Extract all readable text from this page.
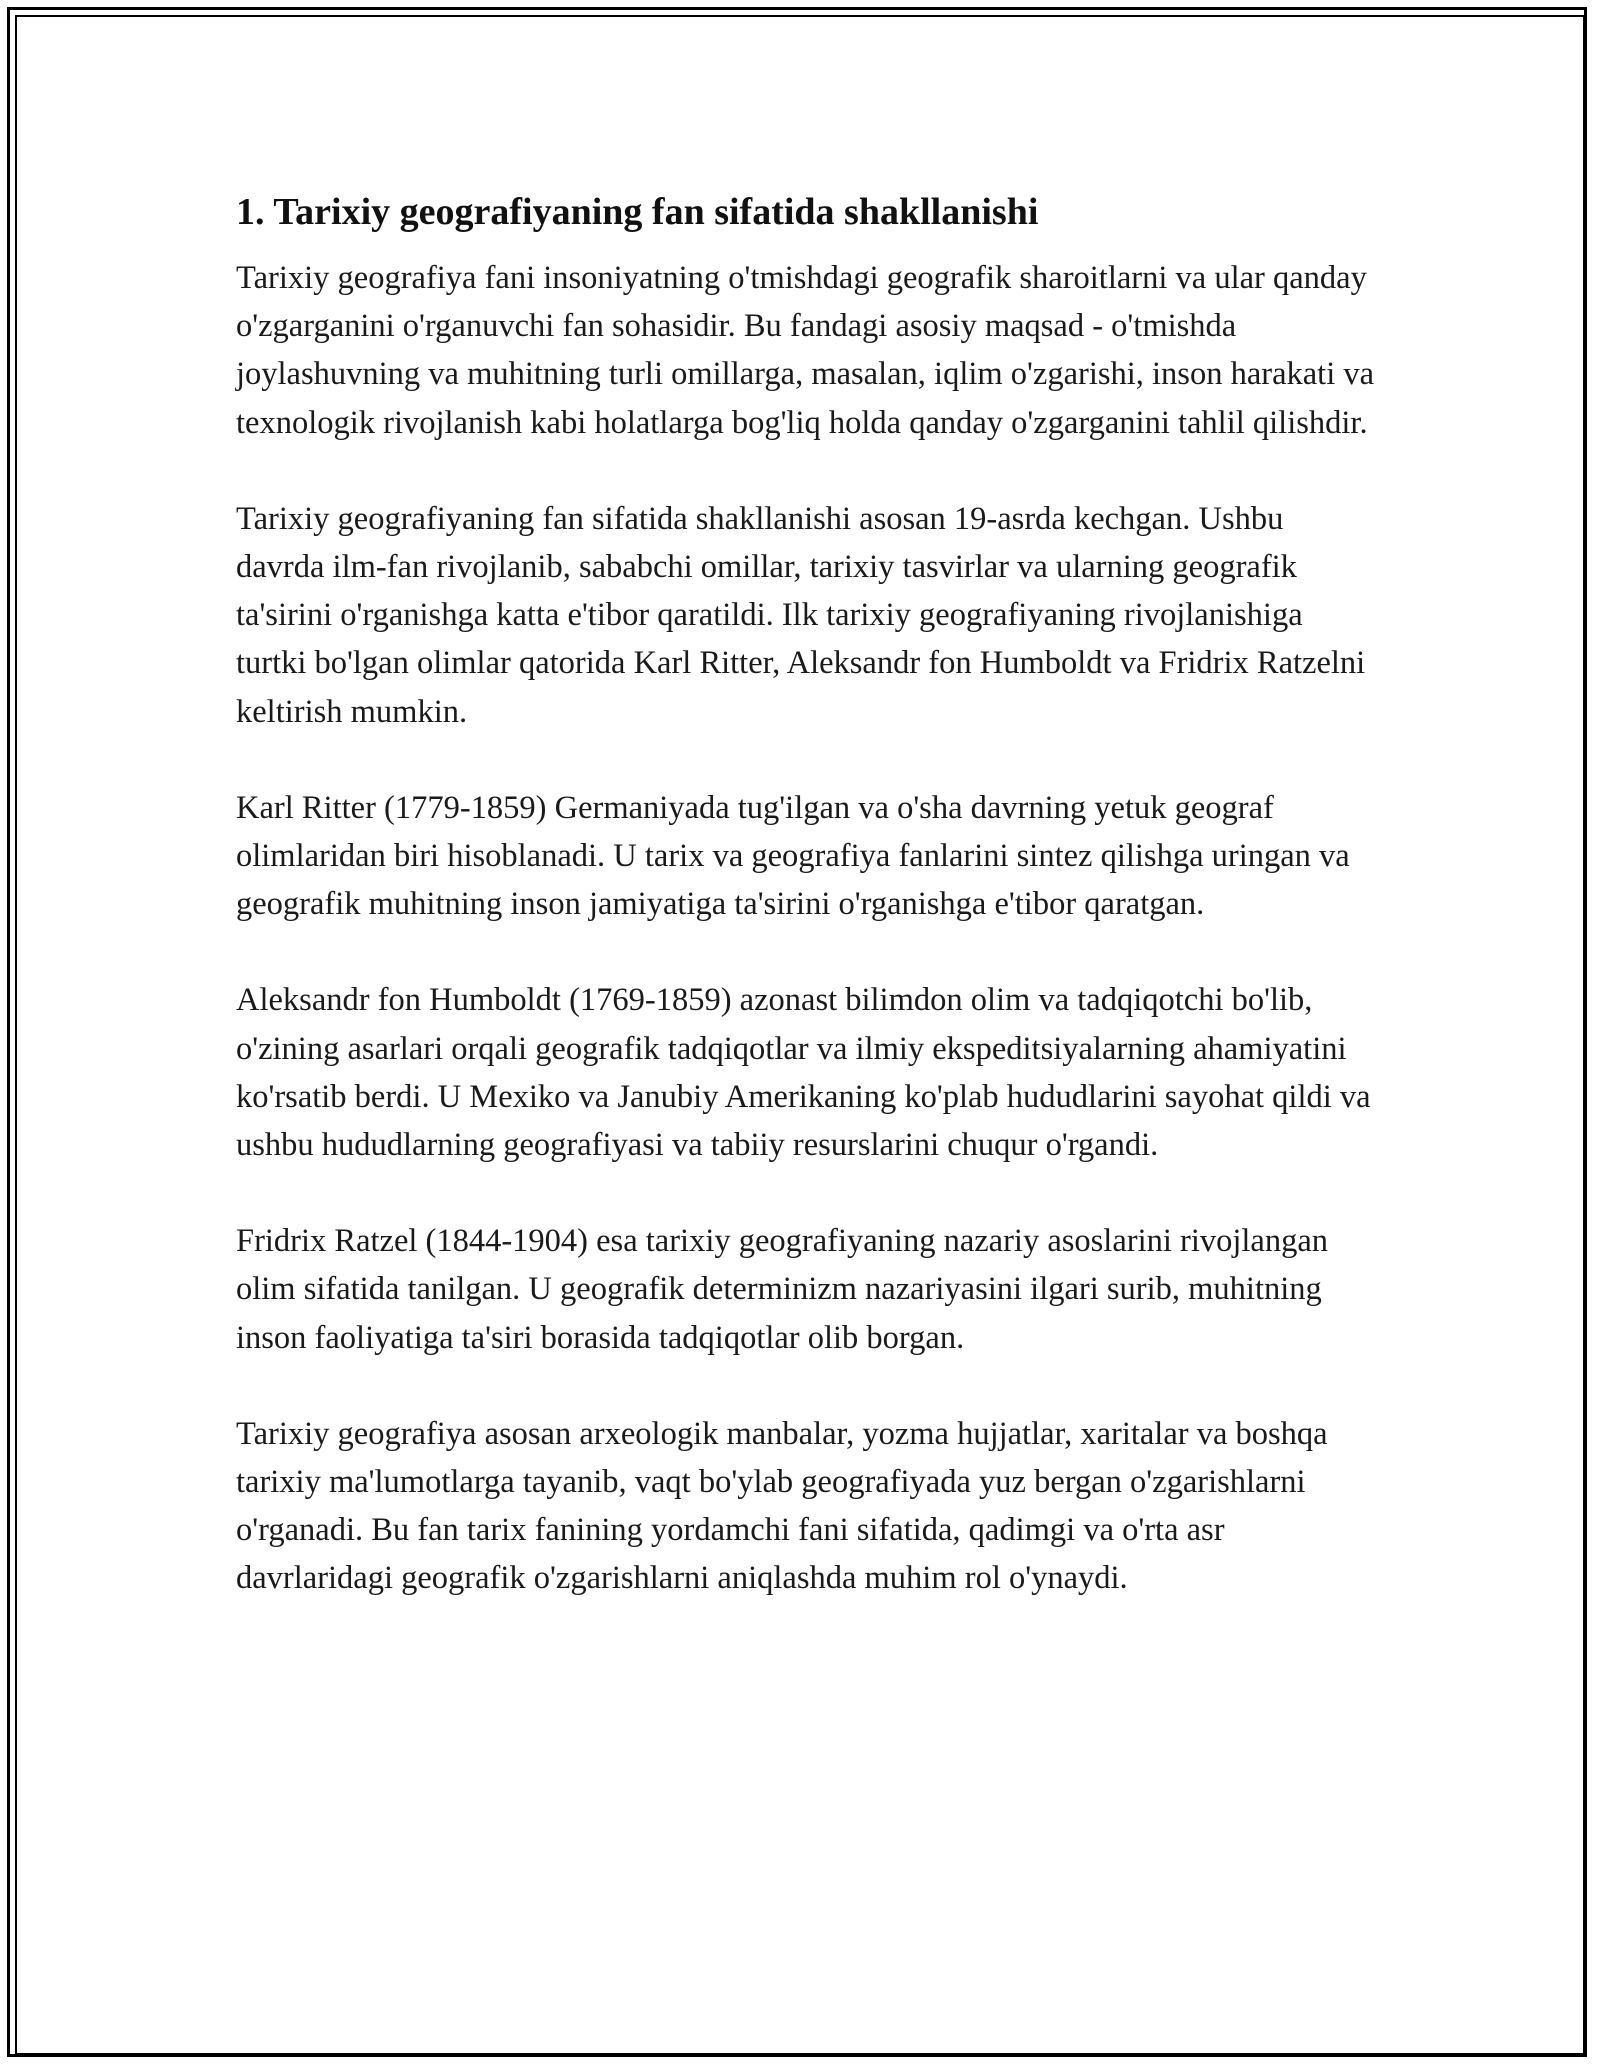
1. Tarixiy geografiyaning fan sifatida shakllanishi

Tarixiy geografiya fani insoniyatning o'tmishdagi geografik sharoitlarni va ular qanday o'zgarganini o'rganuvchi fan sohasidir. Bu fandagi asosiy maqsad - o'tmishda joylashuvning va muhitning turli omillarga, masalan, iqlim o'zgarishi, inson harakati va texnologik rivojlanish kabi holatlarga bog'liq holda qanday o'zgarganini tahlil qilishdir.

Tarixiy geografiyaning fan sifatida shakllanishi asosan 19-asrda kechgan. Ushbu davrda ilm-fan rivojlanib, sababchi omillar, tarixiy tasvirlar va ularning geografik ta'sirini o'rganishga katta e'tibor qaratildi. Ilk tarixiy geografiyaning rivojlanishiga turtki bo'lgan olimlar qatorida Karl Ritter, Aleksandr fon Humboldt va Fridrix Ratzelni keltirish mumkin.

Karl Ritter (1779-1859) Germaniyada tug'ilgan va o'sha davrning yetuk geograf olimlaridan biri hisoblanadi. U tarix va geografiya fanlarini sintez qilishga uringan va geografik muhitning inson jamiyatiga ta'sirini o'rganishga e'tibor qaratgan.

Aleksandr fon Humboldt (1769-1859) azonast bilimdon olim va tadqiqotchi bo'lib, o'zining asarlari orqali geografik tadqiqotlar va ilmiy ekspeditsiyalarning ahamiyatini ko'rsatib berdi. U Mexiko va Janubiy Amerikaning ko'plab hududlarini sayohat qildi va ushbu hududlarning geografiyasi va tabiiy resurslarini chuqur o'rgandi.

Fridrix Ratzel (1844-1904) esa tarixiy geografiyaning nazariy asoslarini rivojlangan olim sifatida tanilgan. U geografik determinizm nazariyasini ilgari surib, muhitning inson faoliyatiga ta'siri borasida tadqiqotlar olib borgan.

Tarixiy geografiya asosan arxeologik manbalar, yozma hujjatlar, xaritalar va boshqa tarixiy ma'lumotlarga tayanib, vaqt bo'ylab geografiyada yuz bergan o'zgarishlarni o'rganadi. Bu fan tarix fanining yordamchi fani sifatida, qadimgi va o'rta asr davrlaridagi geografik o'zgarishlarni aniqlashda muhim rol o'ynaydi.
